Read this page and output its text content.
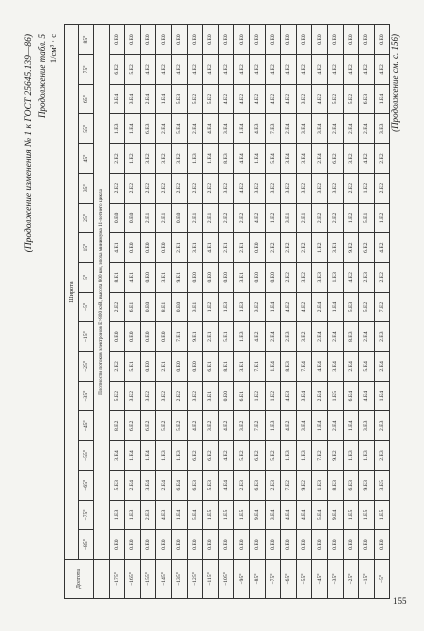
(Продолжение изменения № 1 к ГОСТ 25645.139—86) Продолжение табл. 5 1/см³ · с
Долгота	Широта																	
	−85°	−75°	−65°	−55°	−45°	−35°	−25°	−15°	−5°	5°	15°	25°	35°	45°	55°	65°	75°	85°
	Плотности потоков электронов E>800 кэВ, высота 800 км, эпоха минимума 11-летнего цикла																	
−175°	0.E0	1.E3	5.E3	3.E4	8.E2	5.E2	2.E2	0.E0	2.E2	8.E1	4.E1	0.E0	2.E2	2.E2	1.E3	3.E4	6.E2	0.E0
−165°	0.E0	1.E3	2.E4	1.E4	6.E2	3.E2	5.E1	0.E0	6.E1	4.E1	0.E0	0.E0	2.E2	1.E2	1.E4	3.E4	5.E2	0.E0
−155°	0.E0	2.E3	3.E4	1.E4	6.E2	3.E2	0.E0	0.E0	0.E0	0.E0	0.E0	2.E1	2.E2	3.E2	6.E3	2.E4	4.E2	0.E0
−145°	0.E0	4.E3	2.E4	1.E3	5.E2	3.E2	2.E1	0.E0	8.E1	3.E1	0.E0	2.E1	2.E2	3.E2	2.E4	1.E4	4.E2	0.E0
−135°	0.E0	1.E4	6.E4	1.E3	5.E2	2.E2	0.E0	7.E1	0.E0	9.E1	2.E1	0.E0	2.E2	3.E2	5.E4	5.E3	4.E2	0.E0
−125°	0.E0	5.E4	6.E3	6.E2	4.E2	3.E2	0.E0	9.E1	3.E1	0.E0	3.E1	2.E1	2.E2	1.E3	2.E4	5.E2	4.E2	0.E0
−115°	0.E0	1.E5	5.E3	6.E2	3.E2	3.E1	6.E1	2.E1	1.E2	0.E0	4.E1	2.E1	2.E2	1.E4	4.E4	5.E2	4.E2	0.E0
−105°	0.E0	1.E5	4.E4	4.E2	4.E2	0.E0	8.E1	5.E1	1.E3	0.E0	2.E1	2.E2	3.E2	8.E3	3.E4	4.E2	4.E2	0.E0
−95°	0.E0	1.E5	2.E3	5.E2	3.E2	6.E1	3.E1	1.E3	1.E3	3.E1	2.E1	2.E2	4.E2	4.E4	1.E4	4.E2	4.E2	0.E0
−85°	0.E0	9.E4	6.E3	6.E2	7.E2	1.E2	7.E1	4.E2	3.E2	0.E0	0.E0	4.E2	3.E2	1.E4	4.E3	4.E2	4.E2	0.E0
−75°	0.E0	3.E4	2.E3	5.E2	1.E3	1.E2	1.E4	2.E4	1.E4	0.E0	2.E2	1.E2	3.E2	5.E4	7.E3	4.E2	4.E2	0.E0
−65°	0.E0	4.E4	7.E2	1.E3	4.E2	4.E3	8.E3	2.E3	4.E2	2.E2	2.E2	3.E1	3.E2	3.E4	2.E4	4.E2	4.E2	0.E0
−55°	0.E0	4.E4	9.E2	1.E3	3.E4	3.E4	7.E4	3.E2	4.E2	3.E2	2.E2	2.E1	3.E2	3.E4	3.E4	3.E2	4.E2	0.E0
−45°	0.E0	5.E4	1.E3	7.E2	1.E4	2.E4	4.E4	2.E4	2.E4	3.E3	1.E2	2.E2	3.E2	2.E4	3.E4	4.E2	4.E2	0.E0
−35°	0.E0	9.E4	8.E3	9.E2	2.E4	1.E5	3.E4	2.E4	1.E4	1.E3	3.E1	2.E2	3.E2	6.E2	2.E4	5.E2	4.E2	0.E0
−25°	0.E0	1.E5	6.E3	1.E3	1.E4	6.E4	2.E4	8.E3	5.E3	4.E2	9.E2	1.E2	2.E2	3.E2	2.E4	5.E2	4.E2	0.E0
−15°	0.E0	1.E5	9.E3	1.E3	3.E3	4.E4	5.E4	2.E4	5.E2	2.E3	6.E2	5.E1	1.E2	4.E2	2.E4	6.E3	4.E2	0.E0
−5°	0.E0	1.E5	3.E5	2.E3	2.E3	1.E4	2.E4	2.E3	7.E2	2.E2	4.E2	1.E2	2.E2	2.E2	3.E3	1.E4	4.E2	0.E0 (Продолжение см. с. 156)
155
